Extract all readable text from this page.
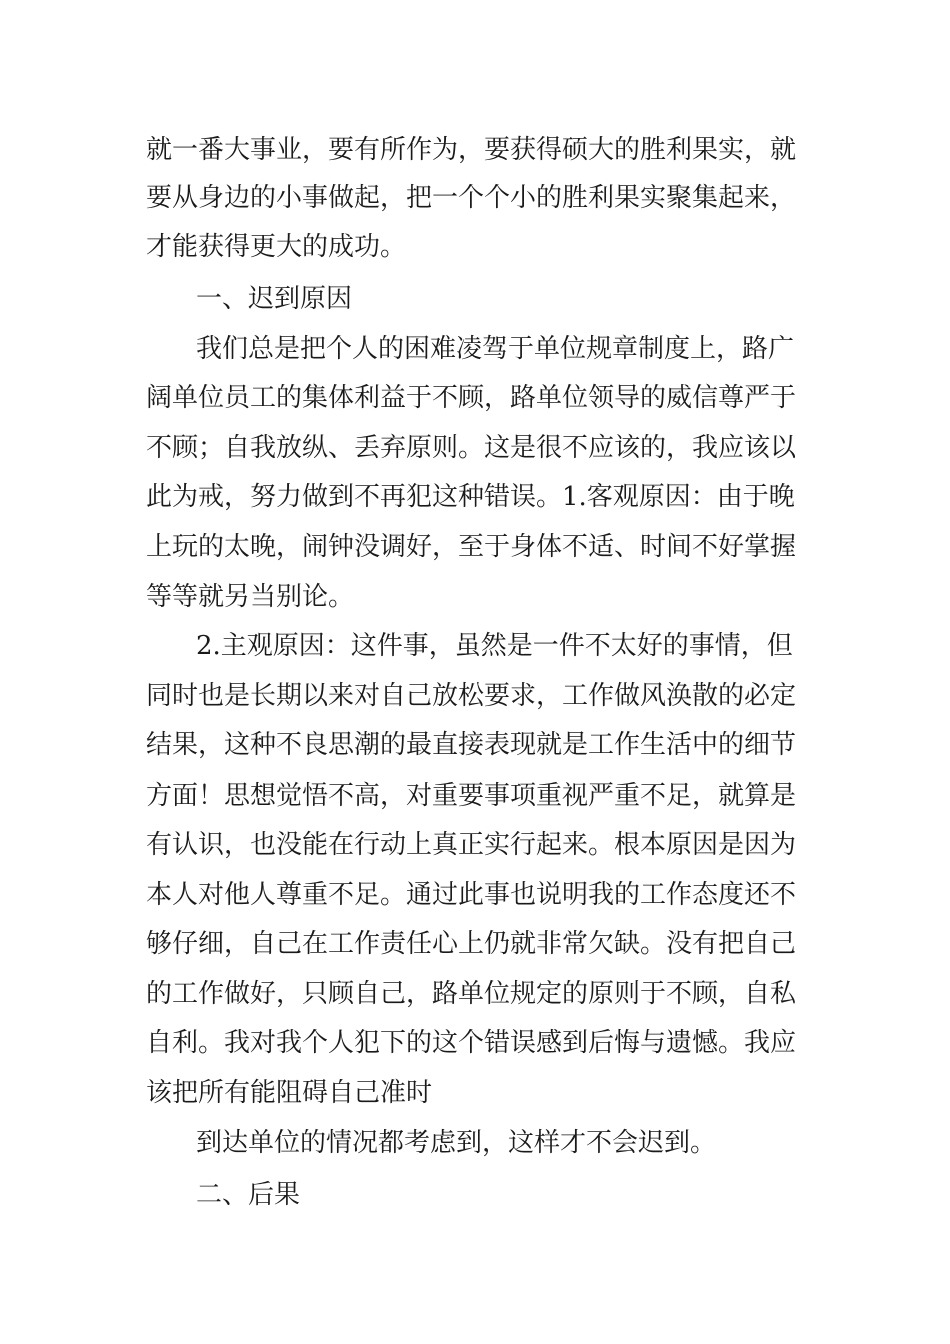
就一番大事业，要有所作为，要获得硕大的胜利果实，就
要从身边的小事做起，把一个个小的胜利果实聚集起来，
才能获得更大的成功。
一、迟到原因
我们总是把个人的困难凌驾于单位规章制度上，路广
阔单位员工的集体利益于不顾，路单位领导的威信尊严于
不顾；自我放纵、丢弃原则。这是很不应该的，我应该以
此为戒，努力做到不再犯这种错误。1.客观原因：由于晚
上玩的太晚，闹钟没调好，至于身体不适、时间不好掌握
等等就另当别论。
2.主观原因：这件事，虽然是一件不太好的事情，但
同时也是长期以来对自己放松要求，工作做风涣散的必定
结果，这种不良思潮的最直接表现就是工作生活中的细节
方面！思想觉悟不高，对重要事项重视严重不足，就算是
有认识，也没能在行动上真正实行起来。根本原因是因为
本人对他人尊重不足。通过此事也说明我的工作态度还不
够仔细，自己在工作责任心上仍就非常欠缺。没有把自己
的工作做好，只顾自己，路单位规定的原则于不顾，自私
自利。我对我个人犯下的这个错误感到后悔与遗憾。我应
该把所有能阻碍自己准时
到达单位的情况都考虑到，这样才不会迟到。
二、后果
